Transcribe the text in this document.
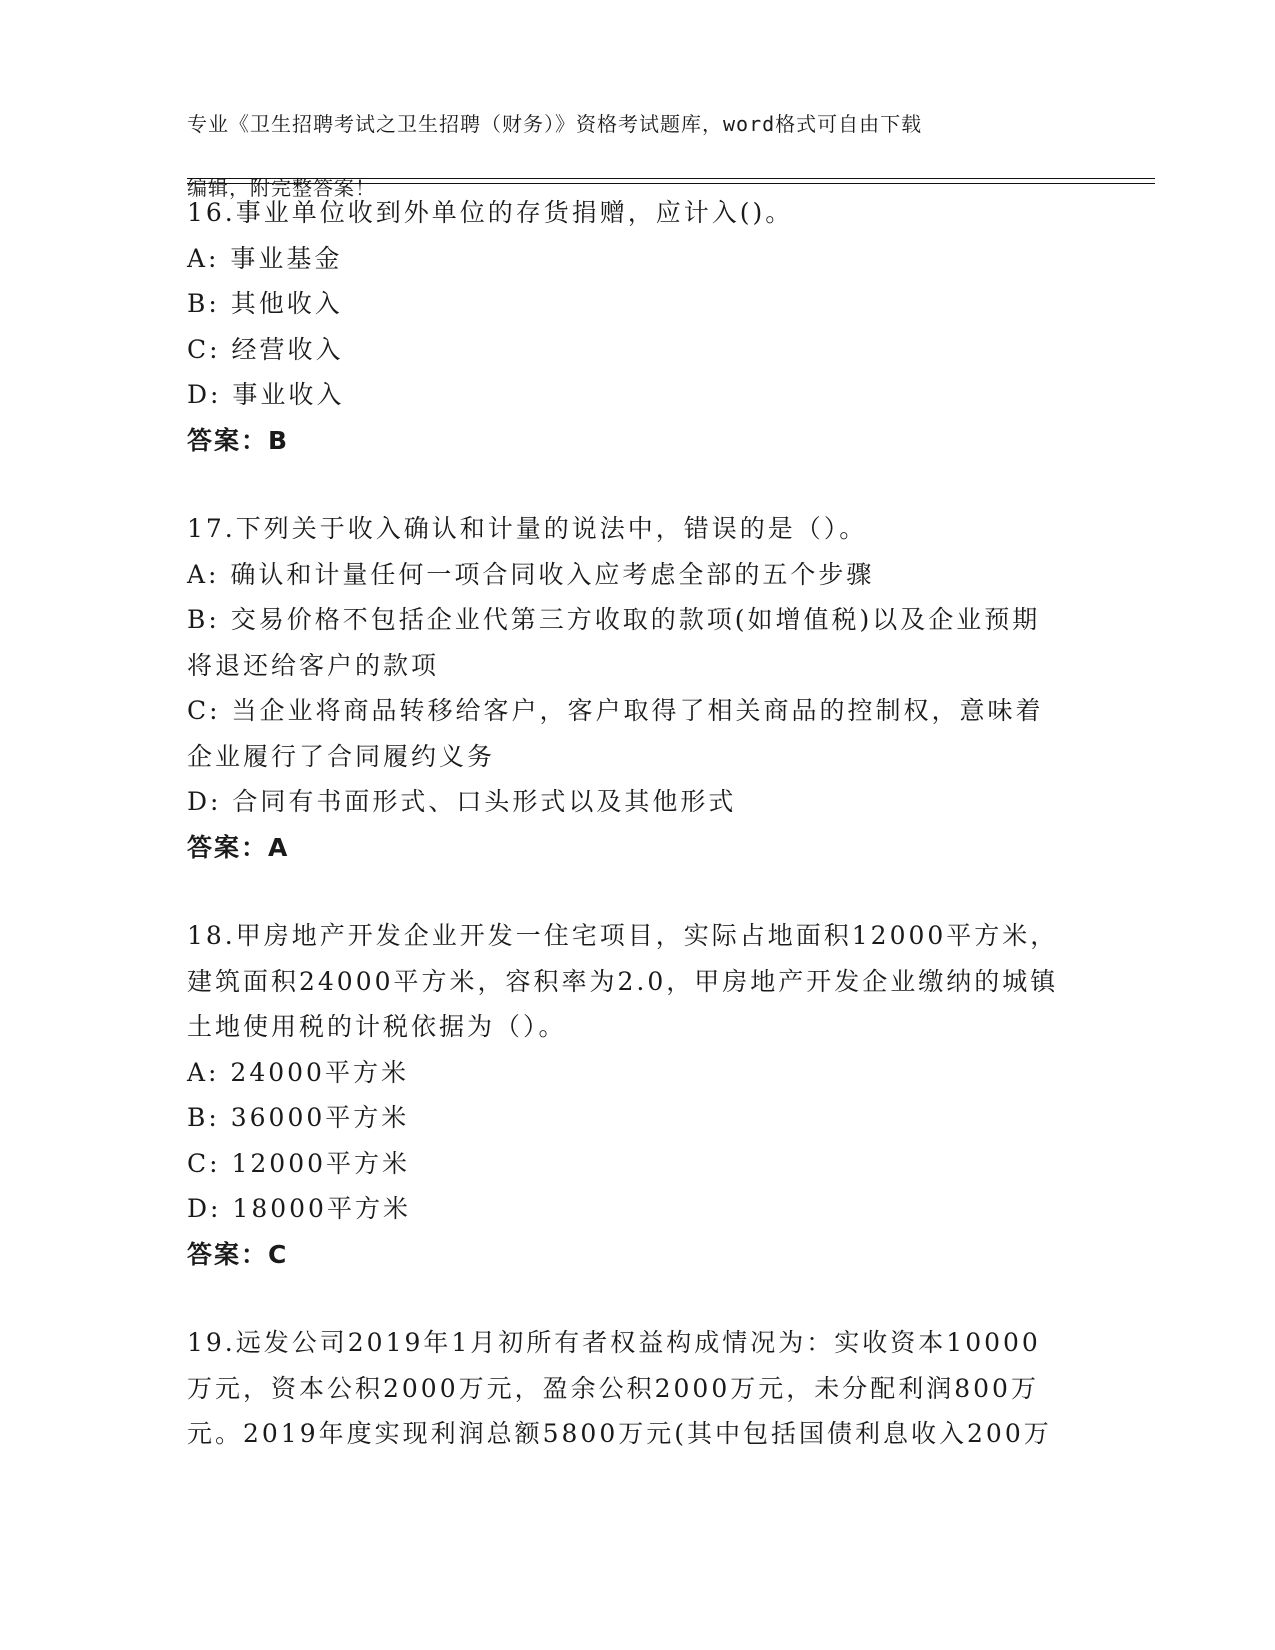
专业《卫生招聘考试之卫生招聘（财务）》资格考试题库，word格式可自由下载

编辑，附完整答案！

16.事业单位收到外单位的存货捐赠，应计入()。
A: 事业基金
B: 其他收入
C: 经营收入
D: 事业收入
答案：B
17.下列关于收入确认和计量的说法中，错误的是（）。
A: 确认和计量任何一项合同收入应考虑全部的五个步骤
B: 交易价格不包括企业代第三方收取的款项(如增值税)以及企业预期
将退还给客户的款项
C: 当企业将商品转移给客户，客户取得了相关商品的控制权，意味着
企业履行了合同履约义务
D: 合同有书面形式、口头形式以及其他形式
答案：A
18.甲房地产开发企业开发一住宅项目，实际占地面积12000平方米，
建筑面积24000平方米，容积率为2.0，甲房地产开发企业缴纳的城镇
土地使用税的计税依据为（）。
A: 24000平方米
B: 36000平方米
C: 12000平方米
D: 18000平方米
答案：C
19.远发公司2019年1月初所有者权益构成情况为：实收资本10000
万元，资本公积2000万元，盈余公积2000万元，未分配利润800万
元。2019年度实现利润总额5800万元(其中包括国债利息收入200万
